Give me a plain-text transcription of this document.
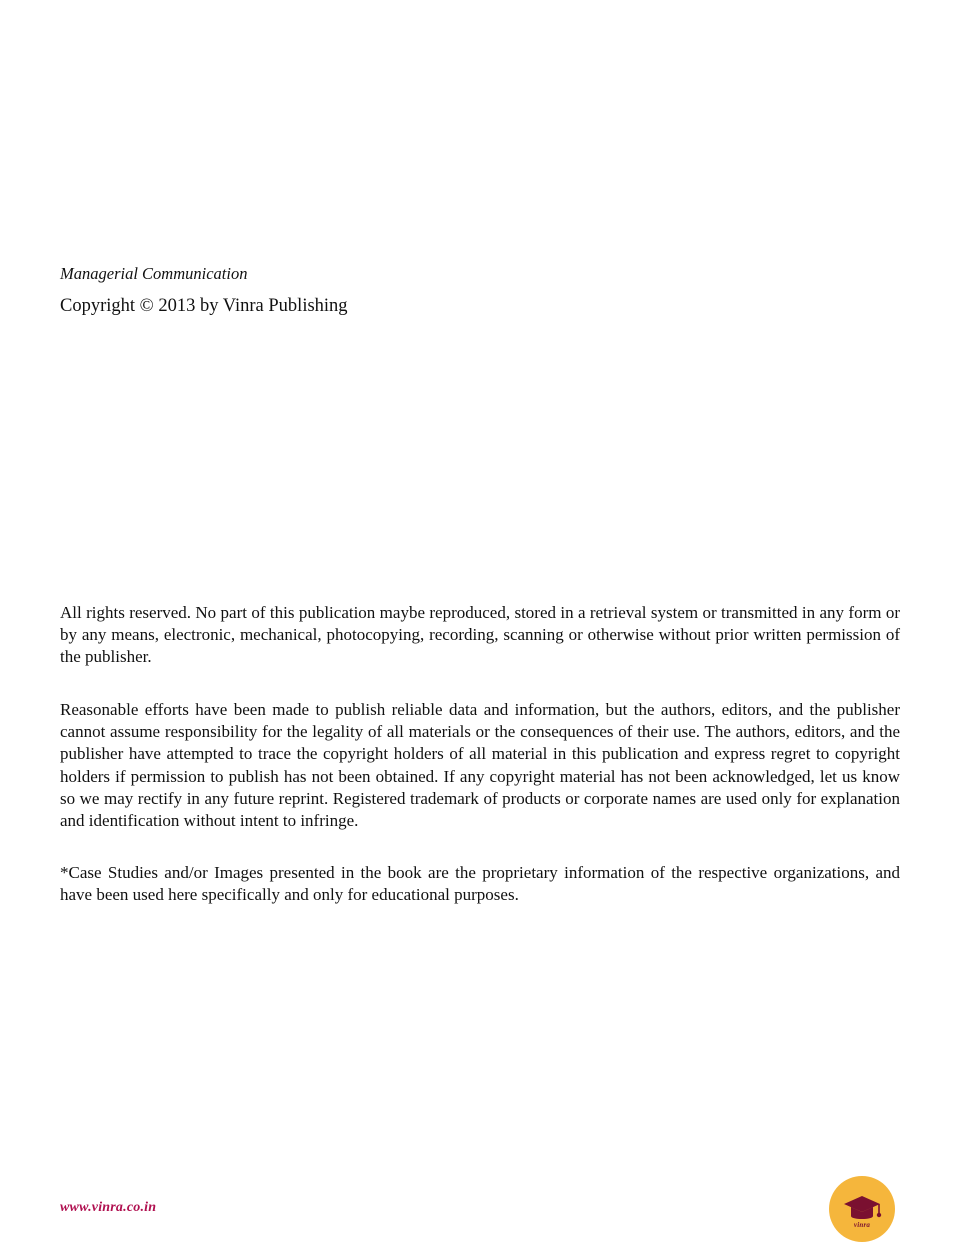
Managerial Communication
Copyright © 2013 by Vinra Publishing

All rights reserved. No part of this publication maybe reproduced, stored in a retrieval system or transmitted in any form or by any means, electronic, mechanical, photocopying, recording, scanning or otherwise without prior written permission of the publisher.

Reasonable efforts have been made to publish reliable data and information, but the authors, editors, and the publisher cannot assume responsibility for the legality of all materials or the consequences of their use. The authors, editors, and the publisher have attempted to trace the copyright holders of all material in this publication and express regret to copyright holders if permission to publish has not been obtained. If any copyright material has not been acknowledged, let us know so we may rectify in any future reprint. Registered trademark of products or corporate names are used only for explanation and identification without intent to infringe.

*Case Studies and/or Images presented in the book are the proprietary information of the respective organizations, and have been used here specifically and only for educational purposes.

www.vinra.co.in
vinra
